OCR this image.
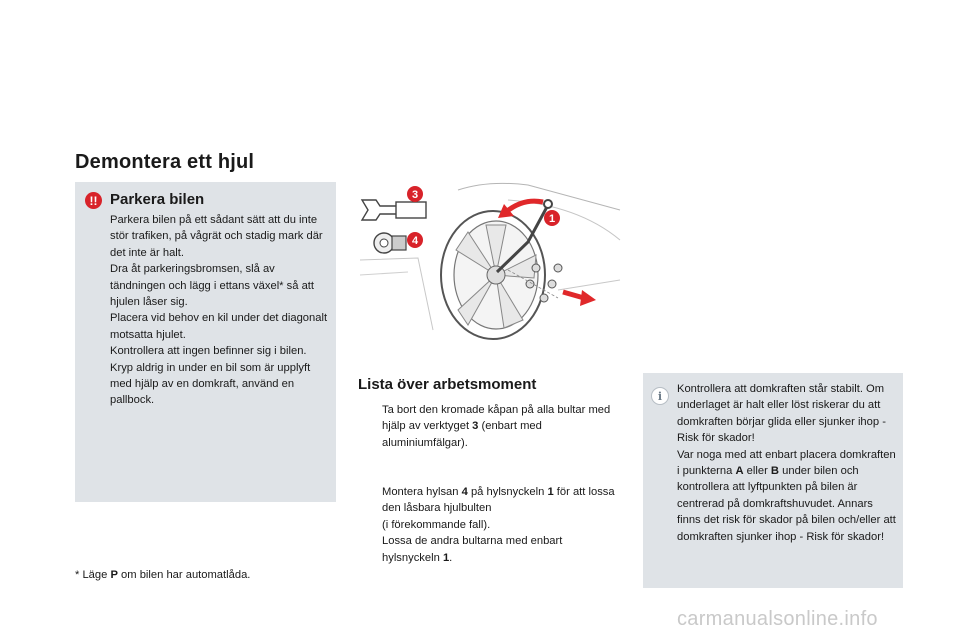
Demontera ett hjul
!! Parkera bilen
Parkera bilen på ett sådant sätt att du inte stör trafiken, på vågrät och stadig mark där det inte är halt.
Dra åt parkeringsbromsen, slå av tändningen och lägg i ettans växel* så att hjulen låser sig.
Placera vid behov en kil under det diagonalt motsatta hjulet.
Kontrollera att ingen befinner sig i bilen.
Kryp aldrig in under en bil som är upplyft med hjälp av en domkraft, använd en pallbock.
* Läge P om bilen har automatlåda.
3
4
1
Lista över arbetsmoment
Ta bort den kromade kåpan på alla bultar med hjälp av verktyget 3 (enbart med aluminiumfälgar).

Montera hylsan 4 på hylsnyckeln 1 för att lossa den låsbara hjulbulten
(i förekommande fall).

Lossa de andra bultarna med enbart hylsnyckeln 1.
i
Kontrollera att domkraften står stabilt. Om underlaget är halt eller löst riskerar du att domkraften börjar glida eller sjunker ihop - Risk för skador!
Var noga med att enbart placera domkraften i punkterna A eller B under bilen och kontrollera att lyftpunkten på bilen är centrerad på domkraftshuvudet. Annars finns det risk för skador på bilen och/eller att domkraften sjunker ihop - Risk för skador!
carmanualsonline.info
